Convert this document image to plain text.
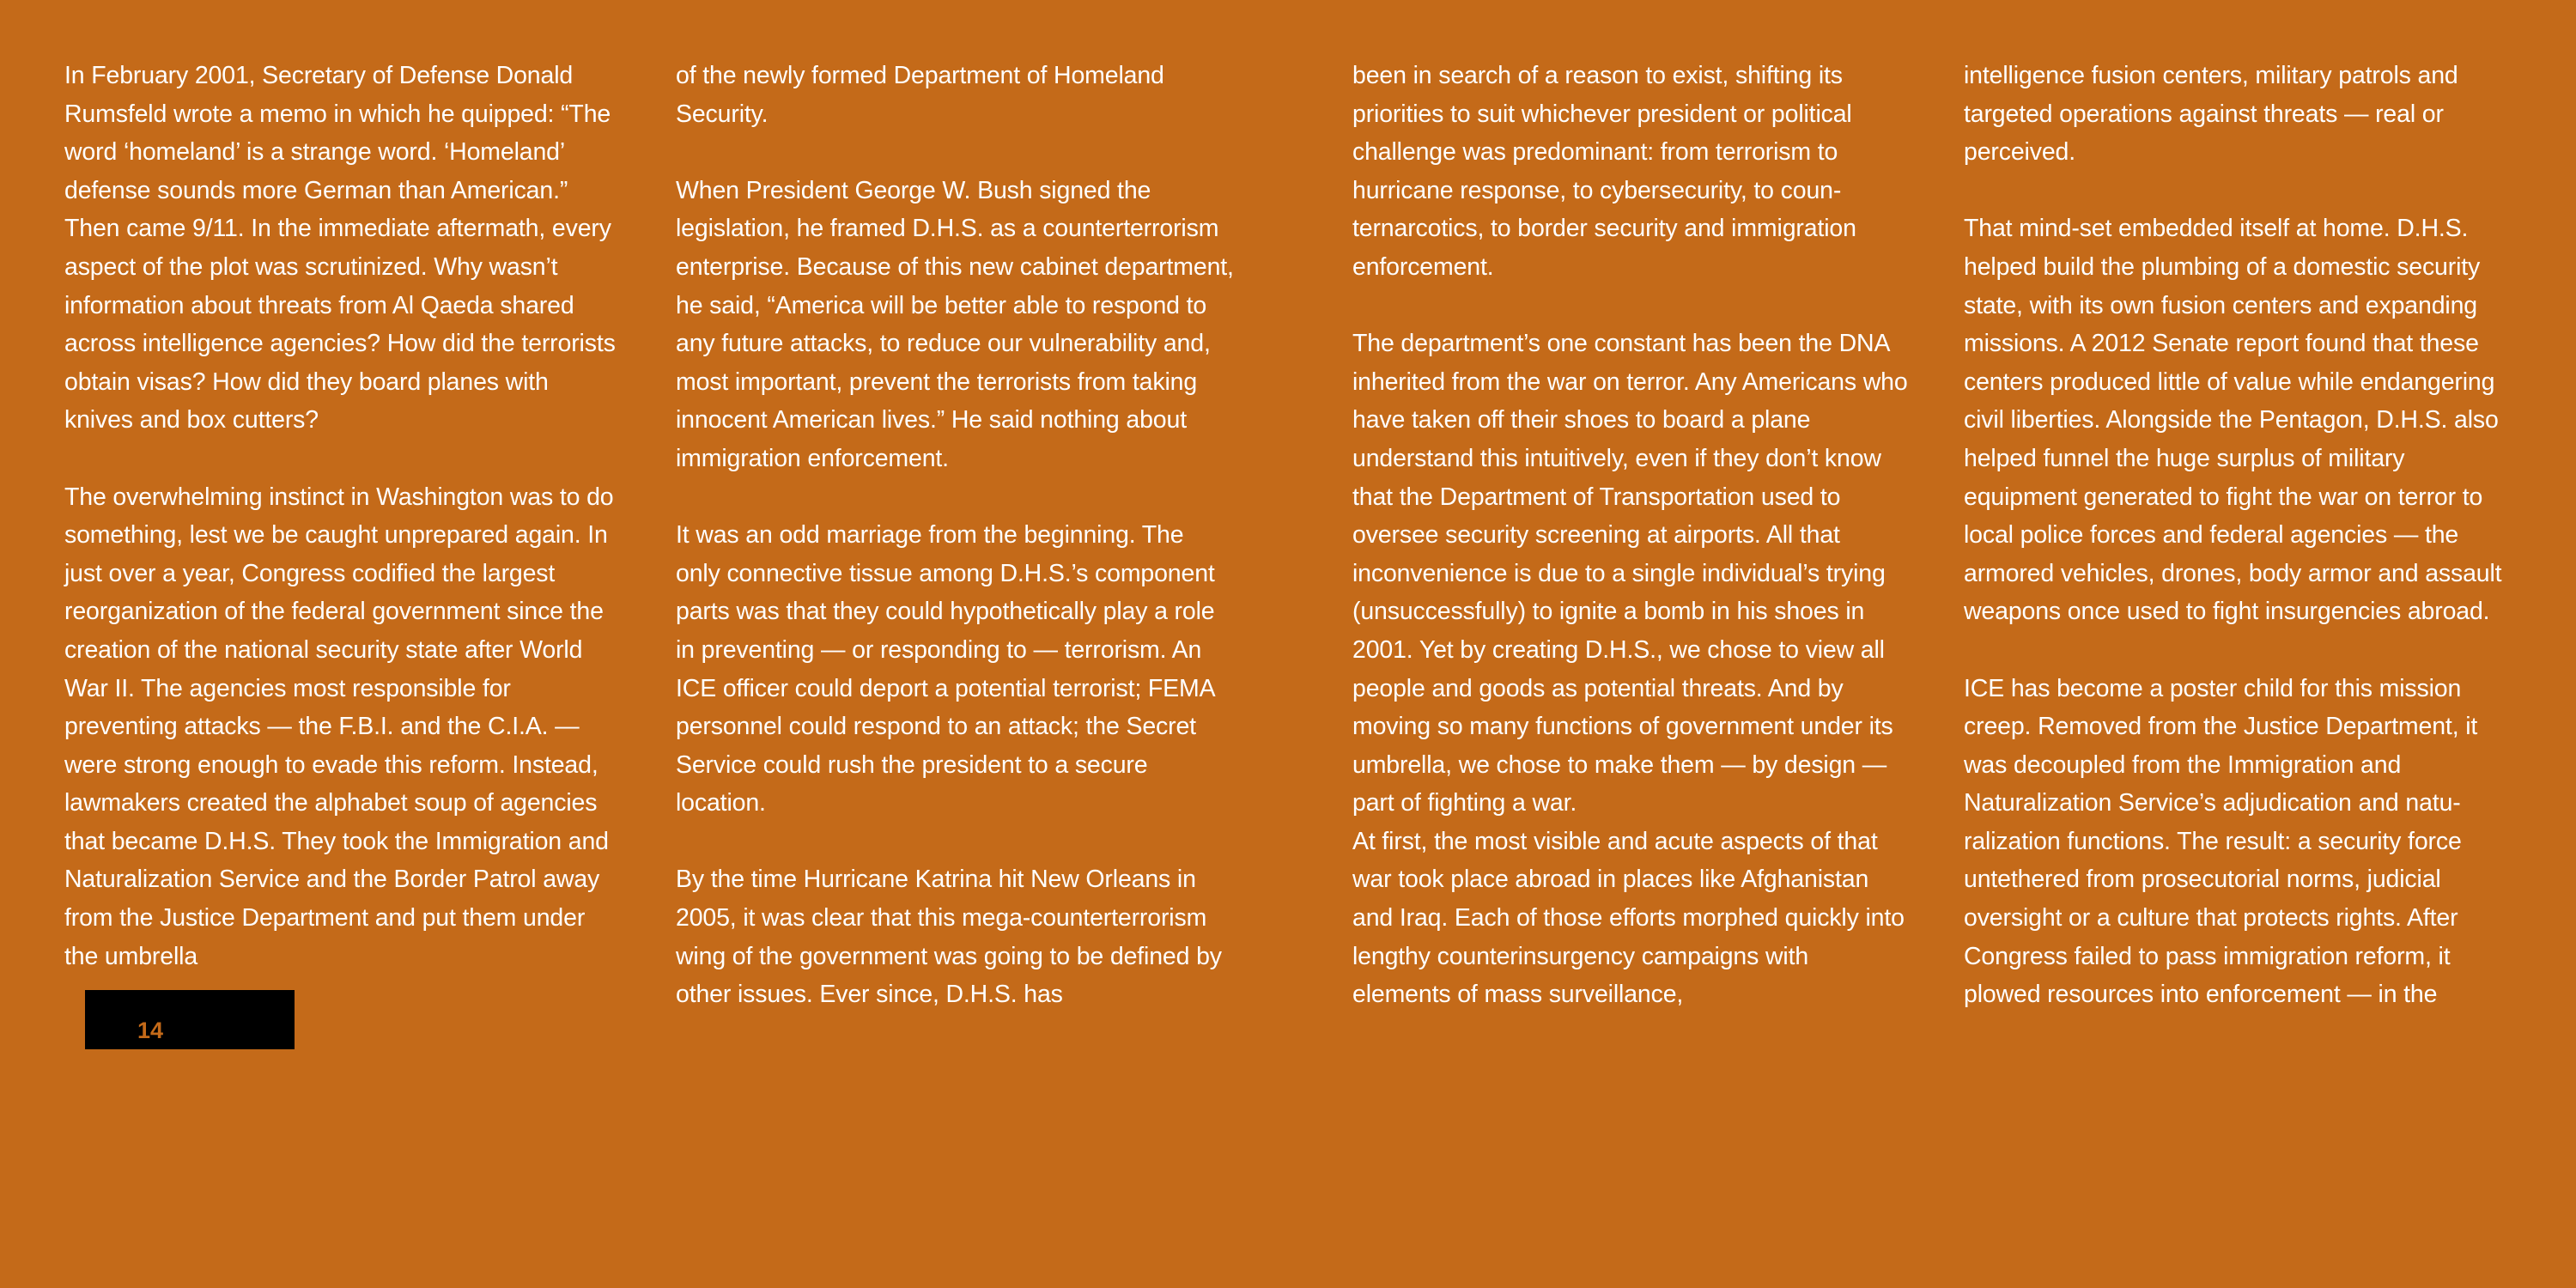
In February 2001, Secretary of Defense Donald Rumsfeld wrote a memo in which he quipped: “The word ‘homeland’ is a strange word. ‘Homeland’ defense sounds more German than American.” Then came 9/11. In the immediate aftermath, every aspect of the plot was scrutinized. Why wasn’t information about threats from Al Qaeda shared across intelligence agencies? How did the terrorists obtain visas? How did they board planes with knives and box cutters?

The overwhelming instinct in Washington was to do something, lest we be caught unprepared again. In just over a year, Congress codified the largest reorganization of the federal government since the creation of the national security state after World War II. The agencies most responsible for preventing attacks — the F.B.I. and the C.I.A. — were strong enough to evade this reform. Instead, lawmakers created the alphabet soup of agencies that became D.H.S. They took the Immigration and Naturalization Service and the Border Patrol away from the Justice Department and put them under the umbrella

of the newly formed Department of Homeland Security.

When President George W. Bush signed the legislation, he framed D.H.S. as a counterterrorism enterprise. Because of this new cabinet department, he said, “America will be better able to respond to any future attacks, to reduce our vulnerability and, most important, prevent the terrorists from taking innocent American lives.” He said nothing about immigration enforcement.

It was an odd marriage from the beginning. The only connective tissue among D.H.S.’s component parts was that they could hypothetically play a role in preventing — or responding to — terrorism. An ICE officer could deport a potential terrorist; FEMA personnel could respond to an attack; the Secret Service could rush the president to a secure location.

By the time Hurricane Katrina hit New Orleans in 2005, it was clear that this mega-counterterrorism wing of the government was going to be defined by other issues. Ever since, D.H.S. has

been in search of a reason to exist, shifting its priorities to suit whichever president or political challenge was predominant: from terrorism to hurricane response, to cybersecurity, to counternarcotics, to border security and immigration enforcement.

The department’s one constant has been the DNA inherited from the war on terror. Any Americans who have taken off their shoes to board a plane understand this intuitively, even if they don’t know that the Department of Transportation used to oversee security screening at airports. All that inconvenience is due to a single individual’s trying (unsuccessfully) to ignite a bomb in his shoes in 2001. Yet by creating D.H.S., we chose to view all people and goods as potential threats. And by moving so many functions of government under its umbrella, we chose to make them — by design — part of fighting a war.

At first, the most visible and acute aspects of that war took place abroad in places like Afghanistan and Iraq. Each of those efforts morphed quickly into lengthy counterinsurgency campaigns with elements of mass surveillance,

intelligence fusion centers, military patrols and targeted operations against threats — real or perceived.

That mind-set embedded itself at home. D.H.S. helped build the plumbing of a domestic security state, with its own fusion centers and expanding missions. A 2012 Senate report found that these centers produced little of value while endangering civil liberties. Alongside the Pentagon, D.H.S. also helped funnel the huge surplus of military equipment generated to fight the war on terror to local police forces and federal agencies — the armored vehicles, drones, body armor and assault weapons once used to fight insurgencies abroad.

ICE has become a poster child for this mission creep. Removed from the Justice Department, it was decoupled from the Immigration and Naturalization Service’s adjudication and naturalization functions. The result: a security force untethered from prosecutorial norms, judicial oversight or a culture that protects rights. After Congress failed to pass immigration reform, it plowed resources into enforcement — in the

14
